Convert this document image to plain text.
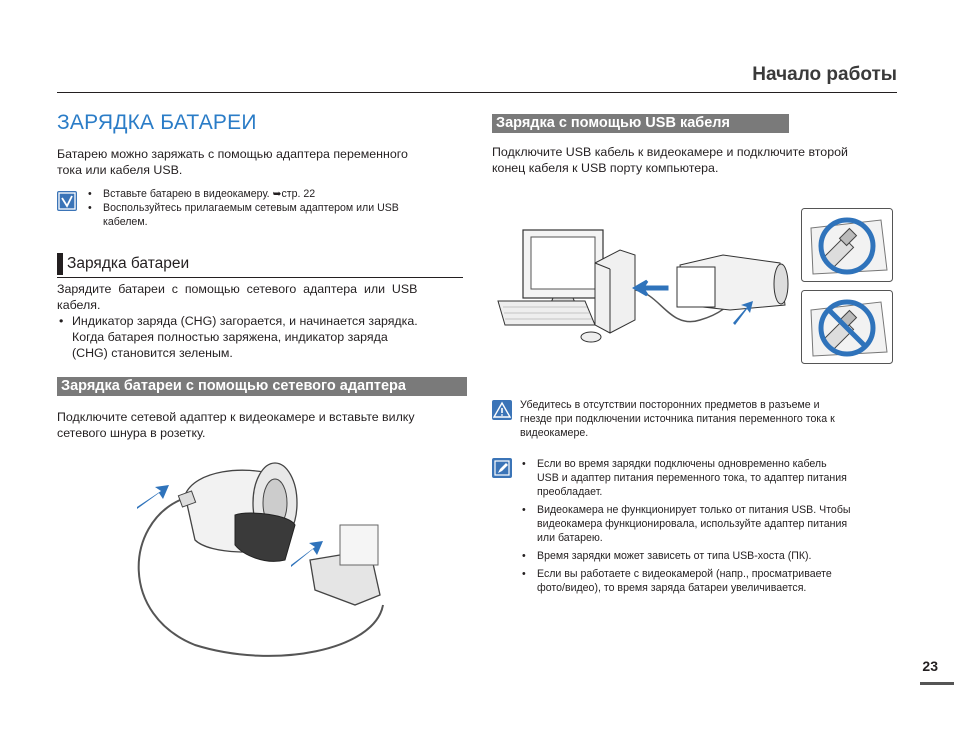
Начало работы
ЗАРЯДКА БАТАРЕИ
Батарею можно заряжать с помощью адаптера переменного
тока или кабеля USB.
• Вставьте батарею в видеокамеру. ➥стр. 22
• Воспользуйтесь прилагаемым сетевым адаптером или USB
кабелем.
Зарядка батареи
Зарядите  батареи  с  помощью  сетевого  адаптера  или  USB
кабеля.
• Индикатор заряда (CHG) загорается, и начинается зарядка.
Когда батарея полностью заряжена, индикатор заряда
(CHG) становится зеленым.
Зарядка батареи с помощью сетевого адаптера
Подключите сетевой адаптер к видеокамере и вставьте вилку
сетевого шнура в розетку.
Зарядка с помощью USB кабеля
Подключите USB кабель к видеокамере и подключите второй
конец кабеля к USB порту компьютера.
Убедитесь в отсутствии посторонних предметов в разъеме и
гнезде при подключении источника питания переменного тока к
видеокамере.
• Если во время зарядки подключены одновременно кабель
USB и адаптер питания переменного тока, то адаптер питания
преобладает.
• Видеокамера не функционирует только от питания USB. Чтобы
видеокамера функционировала, используйте адаптер питания
или батарею.
• Время зарядки может зависеть от типа USB-хоста (ПК).
• Если вы работаете с видеокамерой (напр., просматриваете
фото/видео), то время заряда батареи увеличивается.
23
